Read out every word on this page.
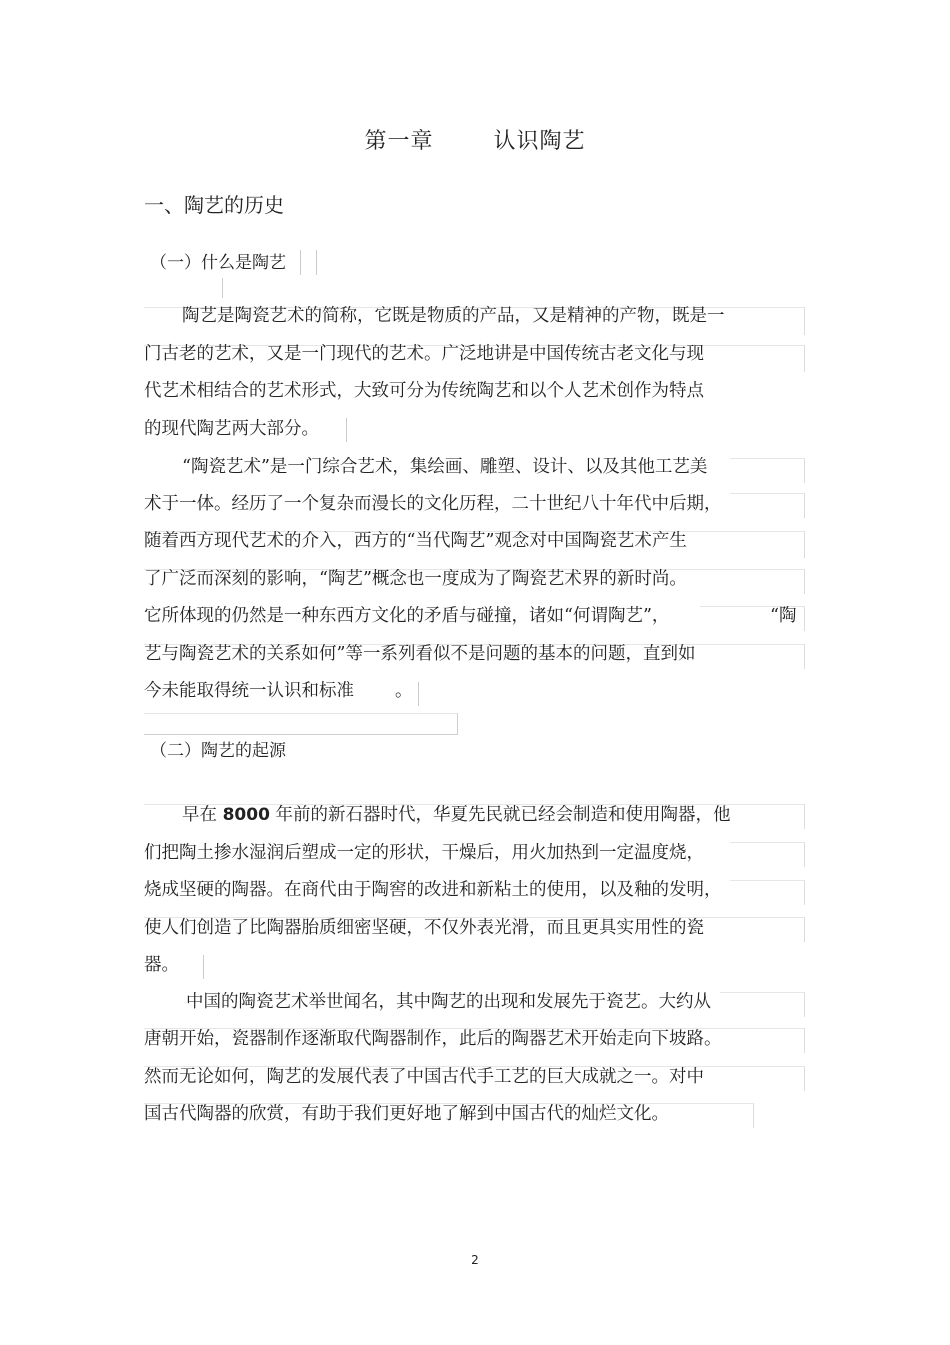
第一章	认识陶艺
一、陶艺的历史
（一）什么是陶艺
陶艺是陶瓷艺术的简称，它既是物质的产品，又是精神的产物，既是一
门古老的艺术，又是一门现代的艺术。广泛地讲是中国传统古老文化与现
代艺术相结合的艺术形式，大致可分为传统陶艺和以个人艺术创作为特点
的现代陶艺两大部分。
“陶瓷艺术”是一门综合艺术，集绘画、雕塑、设计、以及其他工艺美
术于一体。经历了一个复杂而漫长的文化历程，二十世纪八十年代中后期，
随着西方现代艺术的介入，西方的“当代陶艺”观念对中国陶瓷艺术产生
了广泛而深刻的影响，“陶艺”概念也一度成为了陶瓷艺术界的新时尚。
它所体现的仍然是一种东西方文化的矛盾与碰撞，诸如“何谓陶艺”，	“陶
艺与陶瓷艺术的关系如何”等一系列看似不是问题的基本的问题，直到如
今未能取得统一认识和标准 。
（二）陶艺的起源
早在 8000 年前的新石器时代，华夏先民就已经会制造和使用陶器，他
们把陶土掺水湿润后塑成一定的形状，干燥后，用火加热到一定温度烧，
烧成坚硬的陶器。在商代由于陶窖的改进和新粘土的使用，以及釉的发明，
使人们创造了比陶器胎质细密坚硬，不仅外表光滑，而且更具实用性的瓷
器。
中国的陶瓷艺术举世闻名，其中陶艺的出现和发展先于瓷艺。大约从
唐朝开始，瓷器制作逐渐取代陶器制作，此后的陶器艺术开始走向下坡路。
然而无论如何，陶艺的发展代表了中国古代手工艺的巨大成就之一。对中
国古代陶器的欣赏，有助于我们更好地了解到中国古代的灿烂文化。
2
